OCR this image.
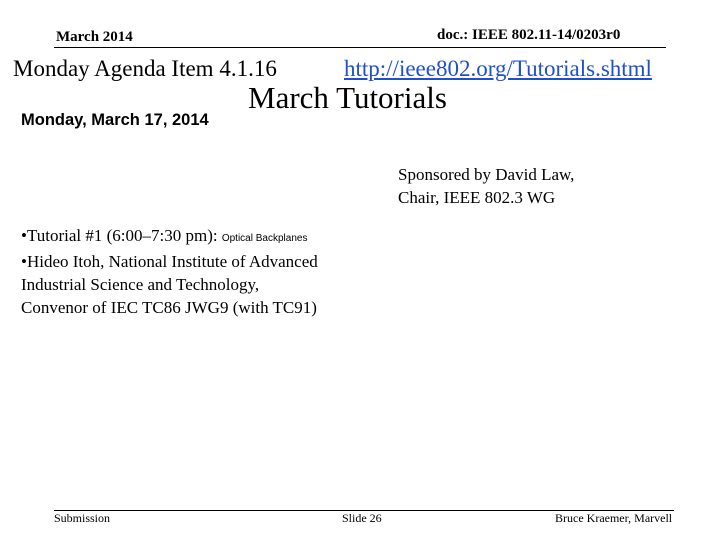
March 2014	doc.: IEEE 802.11-14/0203r0
Monday Agenda Item 4.1.16	http://ieee802.org/Tutorials.shtml
March Tutorials
Monday, March 17, 2014
Sponsored by David Law,
Chair, IEEE 802.3 WG

•Tutorial #1 (6:00–7:30 pm): Optical Backplanes

•Hideo Itoh, National Institute of Advanced

Industrial Science and Technology,

Convenor of IEC TC86 JWG9 (with TC91)

Submission	Slide 26	Bruce Kraemer, Marvell
